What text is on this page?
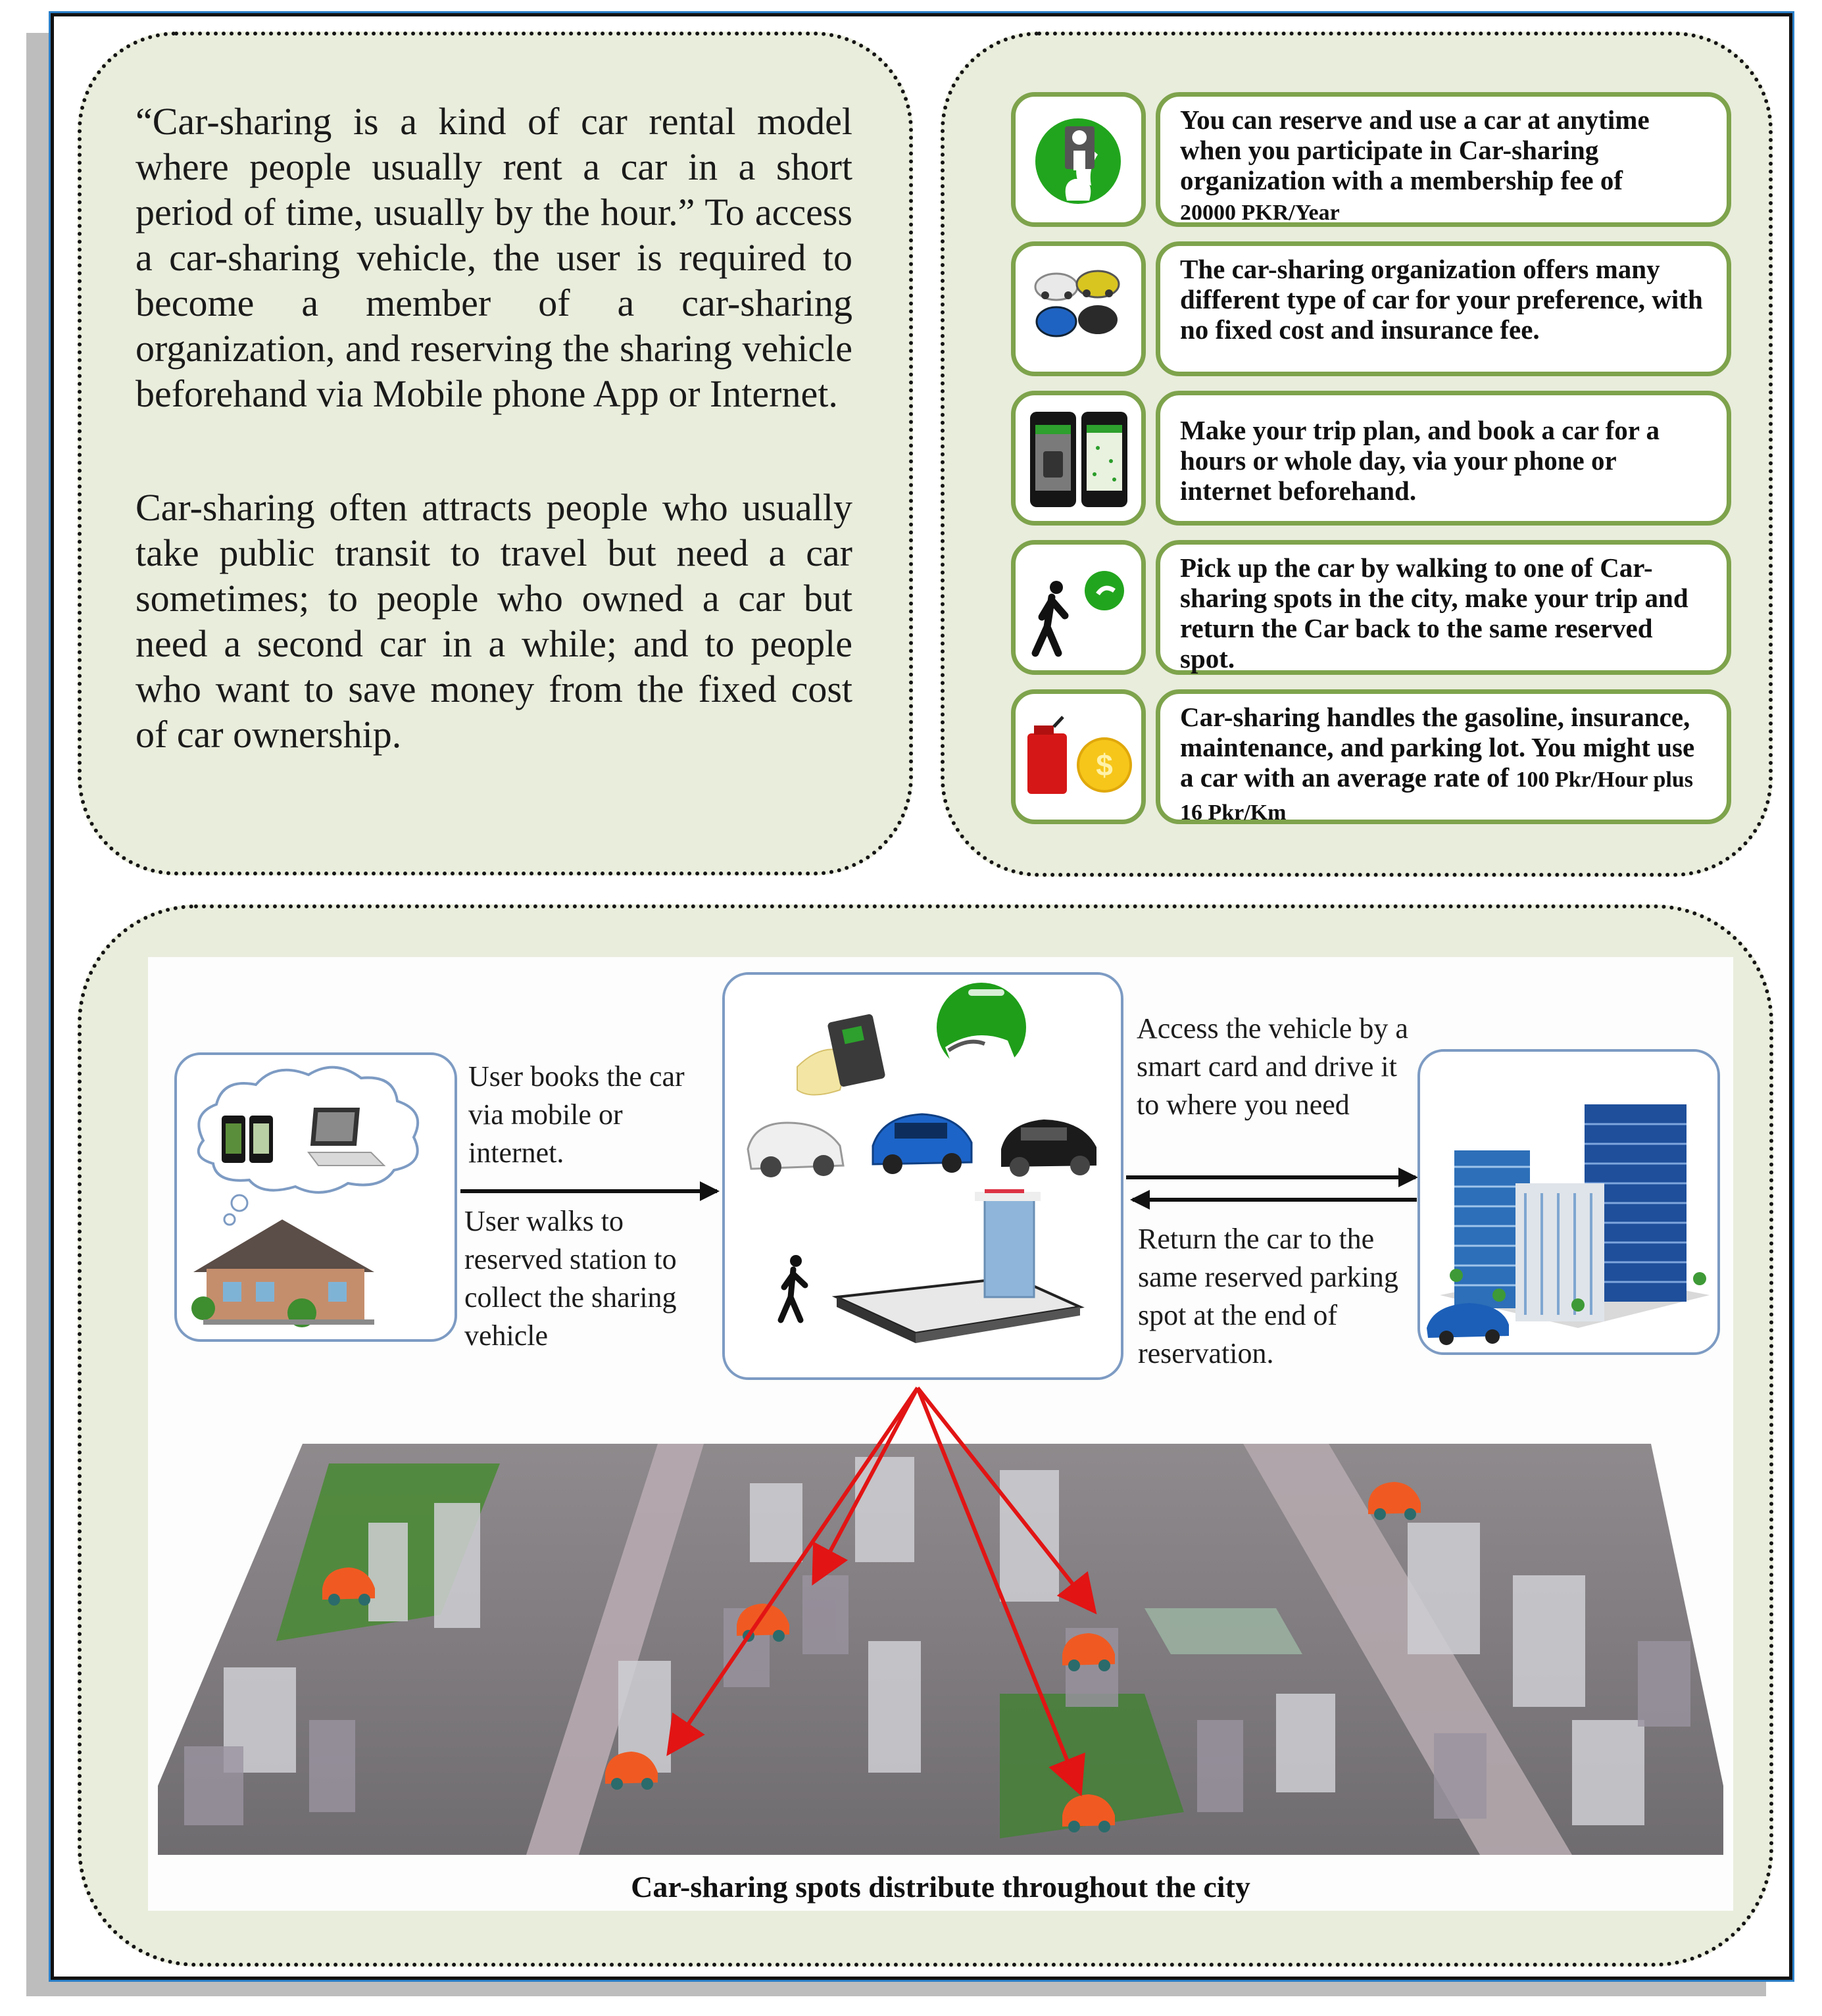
“Car-sharing is a kind of car rental model where people usually rent a car in a short period of time, usually by the hour.” To access a car-sharing vehicle, the user is required to become a member of a car-sharing organization, and reserving the sharing vehicle beforehand via Mobile phone App or Internet.

Car-sharing often attracts people who usually take public transit to travel but need a car sometimes; to people who owned a car but need a second car in a while; and to people who want to save money from the fixed cost of car ownership.

You can reserve and use a car at anytime when you participate in Car-sharing organization with a membership fee of
20000 PKR/Year
The car-sharing organization offers many different type of car for your preference, with no fixed cost and insurance fee.
Make your trip plan, and book a car for a hours or whole day, via your phone or internet beforehand.
Pick up the car by walking to one of Car-sharing spots in the city, make your trip and return the Car back to the same reserved spot.
$
Car-sharing handles the gasoline, insurance, maintenance, and parking lot. You might use a car with an average rate of 100 Pkr/Hour plus 16 Pkr/Km
User books the car via mobile or internet.
User walks to reserved station to collect the sharing vehicle
Access the vehicle by a smart card and drive it to where you need
Return the car to the same reserved parking spot at the end of reservation.
Car-sharing spots distribute throughout the city
